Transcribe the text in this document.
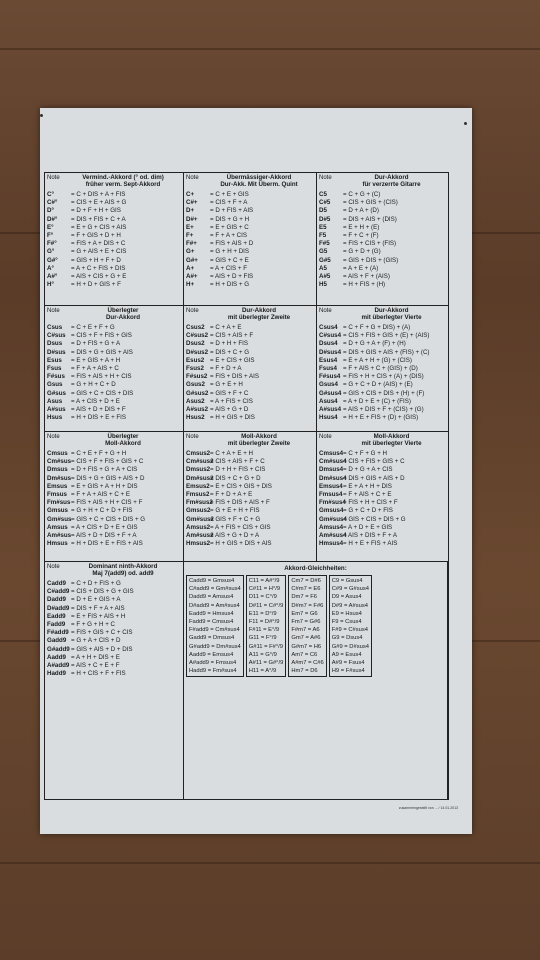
Note	Vermind.-Akkord (° od. dim)
früher verm. Sept-Akkord
C°	= C + DIS + A + FIS
C#°	= CIS + E + AIS + G
D°	= D + F + H + GIS
D#°	= DIS + FIS + C + A
E°	= E + G + CIS + AIS
F°	= F + GIS + D + H
F#°	= FIS + A + DIS + C
G°	= G + AIS + E + CIS
G#°	= GIS + H + F + D
A°	= A + C + FIS + DIS
A#°	= AIS + CIS + G + E
H°	= H + D + GIS + F
Note	Übermässiger-Akkord
Dur-Akk. Mit Überm. Quint
C+	= C + E + GIS
C#+	= CIS + F + A
D+	= D + FIS + AIS
D#+	= DIS + G + H
E+	= E + GIS + C
F+	= F + A + CIS
F#+	= FIS + AIS + D
G+	= G + H + DIS
G#+	= GIS + C + E
A+	= A + CIS + F
A#+	= AIS + D + FIS
H+	= H + DIS + G
Note	Dur-Akkord
für verzerrte Gitarre
C5	= C + G + (C)
C#5	= CIS + GIS + (CIS)
D5	= D + A + (D)
D#5	= DIS + AIS + (DIS)
E5	= E + H + (E)
F5	= F + C + (F)
F#5	= FIS + CIS + (FIS)
G5	= G + D + (G)
G#5	= GIS + DIS + (GIS)
A5	= A + E + (A)
A#5	= AIS + F + (AIS)
H5	= H + FIS + (H)
Note	Überlegter
Dur-Akkord
Csus	= C + E + F + G
C#sus = CIS + F + FIS + GIS
Dsus	= D + FIS + G + A
D#sus = DIS + G + GIS + AIS
Esus	= E + GIS + A + H
Fsus	= F + A + AIS + C
F#sus = FIS + AIS + H + CIS
Gsus	= G + H + C + D
G#sus = GIS + C + CIS + DIS
Asus	= A + CIS + D + E
A#sus = AIS + D + DIS + F
Hsus	= H + DIS + E + FIS
Note	Dur-Akkord
mit überlegter Zweite
Csus2 = C + A + E
C#sus2 = CIS + AIS + F
Dsus2 = D + H + FIS
D#sus2 = DIS + C + G
Esus2 = E + CIS + GIS
Fsus2 = F + D + A
F#sus2 = FIS + DIS + AIS
Gsus2 = G + E + H
G#sus2 = GIS + F + C
Asus2 = A + FIS + CIS
A#sus2 = AIS + G + D
Hsus2 = H + GIS + DIS
Note	Dur-Akkord
mit überlegter Vierte
Csus4 = C + F + G + DIS) + (A)
C#sus4 = CIS + FIS + GIS + (E) + (AIS)
Dsus4 = D + G + A + (F) + (H)
D#sus4 = DIS + GIS + AIS + (FIS) + (C)
Esus4 = E + A + H + (G) + (CIS)
Fsus4 = F + AIS + C + (GIS) + (D)
F#sus4 = FIS + H + CIS + (A) + (DIS)
Gsus4 = G + C + D + (AIS) + (E)
G#sus4 = GIS + CIS + DIS + (H) + (F)
Asus4 = A + D + E + (C) + (FIS)
A#sus4 = AIS + DIS + F + (CIS) + (G)
Hsus4 = H + E + FIS + (D) + (GIS)
Note	Überlegter
Moll-Akkord
Cmsus = C + E + F + G + H
Cm#sus = CIS + F + FIS + GIS + C
Dmsus = D + FIS + G + A + CIS
Dm#sus = DIS + G + GIS + AIS + D
Emsus = E + GIS + A + H + DIS
Fmsus = F + A + AIS + C + E
Fm#sus = FIS + AIS + H + CIS + F
Gmsus = G + H + C + D + FIS
Gm#sus = GIS + C + CIS + DIS + G
Amsus = A + CIS + D + E + GIS
Am#sus = AIS + D + DIS + F + A
Hmsus = H + DIS + E + FIS + AIS
Note	Moll-Akkord
mit überlegter Zweite
Cmsus2 = C + A + E + H
Cm#sus2
= CIS + AIS + F + C
Dmsus2 = D + H + FIS + CIS
Dm#sus2
= DIS + C + G + D
Emsus2 = E + CIS + GIS + DIS
Fmsus2 = F + D + A + E
Fm#sus2
= FIS + DIS + AIS + F
Gmsus2 = G + E + H + FIS
Gm#sus2
= GIS + F + C + G
Amsus2 = A + FIS + CIS + GIS
Am#sus2
= AIS + G + D + A
Hmsus2 = H + GIS + DIS + AIS
Note	Moll-Akkord
mit überlegter Vierte
Cmsus4 = C + F + G + H
Cm#sus4
= CIS + FIS + GIS + C
Dmsus4 = D + G + A + CIS
Dm#sus4
= DIS + GIS + AIS + D
Emsus4 = E + A + H + DIS
Fmsus4 = F + AIS + C + E
Fm#sus4
= FIS + H + CIS + F
Gmsus4 = G + C + D + FIS
Gm#sus4
= GIS + CIS + DIS + G
Amsus4 = A + D + E + GIS
Am#sus4
= AIS + DIS + F + A
Hmsus4 = H + E + FIS + AIS
Note	Dominant ninth-Akkord
Maj 7(add9) od. add9
Cadd9 = C + D + FIS + G
C#add9 = CIS + DIS + G + GIS
Dadd9 = D + E + GIS + A
D#add9 = DIS + F + A + AIS
Eadd9 = E + FIS + AIS + H
Fadd9 = F + G + H + C
F#add9 = FIS + GIS + C + CIS
Gadd9 = G + A + CIS + D
G#add9 = GIS + AIS + D + DIS
Aadd9 = A + H + DIS + E
A#add9 = AIS + C + E + F
Hadd9 = H + CIS + F + FIS
Akkord-Gleichheiten:
Cadd9 = Gmsus4
C#add9 = Gm#sus4
Dadd9 = Amsus4
D#add9 = Am#sus4
Eadd9 = Hmsus4
Fadd9 = Cmsus4
F#add9 = Cm#sus4
Gadd9 = Dmsus4
G#add9 = Dm#sus4
Aadd9 = Emsus4
A#add9 = Fmsus4
Hadd9 = Fm#sus4
C11 = A#°/9
C#11 = H°/9
D11 = C°/9
D#11 = C#°/9
E11 = D°/9
F11 = D#°/9
F#11 = E°/9
G11 = F°/9
G#11 = F#°/9
A11 = G°/9
A#11 = G#°/9
H11 = A°/9
Cm7 = D#6
C#m7 = E6
Dm7 = F6
D#m7 = F#6
Em7 = G6
Fm7 = G#6
F#m7 = A6
Gm7 = A#6
G#m7 = H6
Am7 = C6
A#m7 = C#6
Hm7 = D6
C9 = Gsus4
C#9 = G#sus4
D9 = Asus4
D#9 = A#sus4
E9 = Hsus4
F9 = Csus4
F#9 = C#sus4
G9 = Dsus4
G#9 = D#sus4
A9 = Esus4
A#9 = Fsus4
H9 = F#sus4
zusammengestellt von ... / 14.01.2013
